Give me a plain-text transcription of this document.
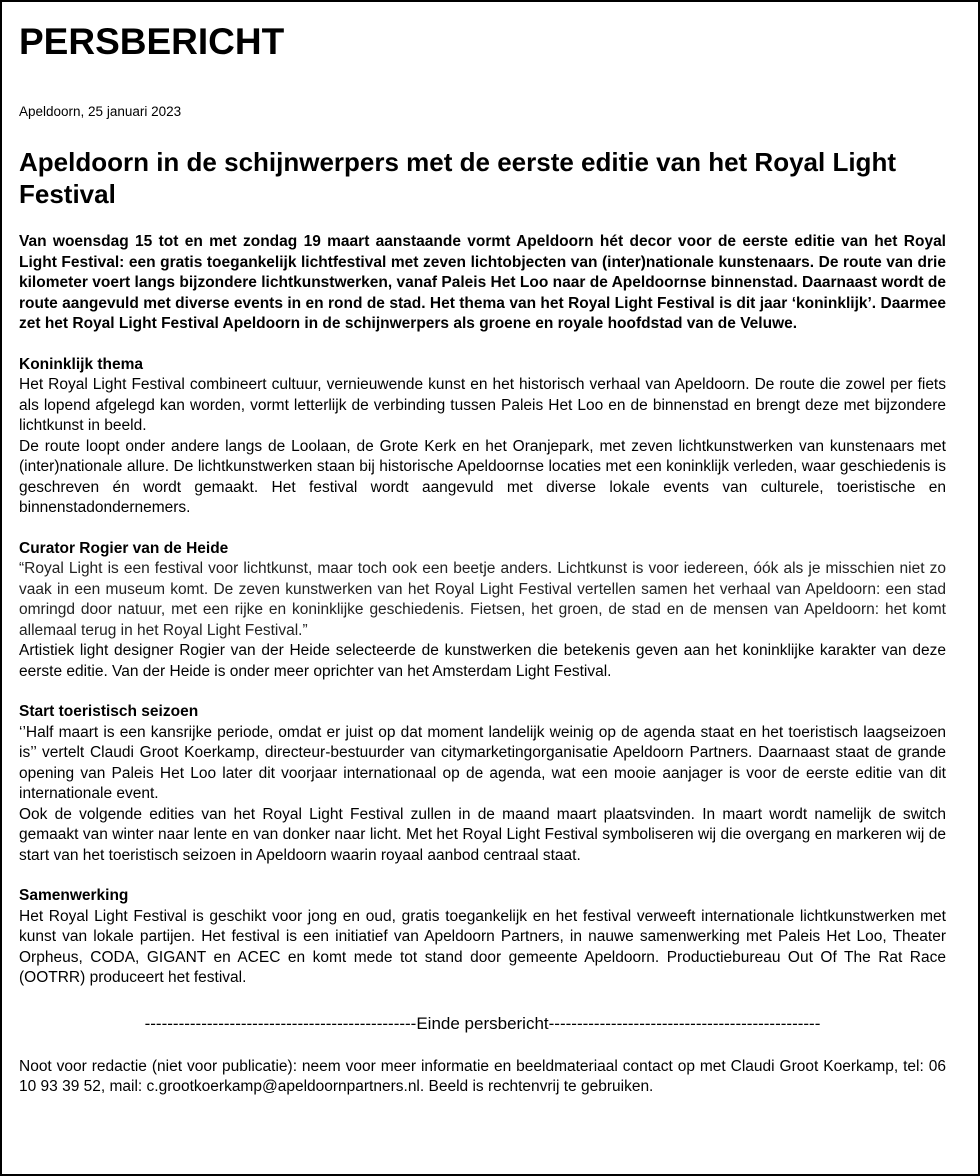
PERSBERICHT
Apeldoorn, 25 januari 2023
Apeldoorn in de schijnwerpers met de eerste editie van het Royal Light Festival

Van woensdag 15 tot en met zondag 19 maart aanstaande vormt Apeldoorn hét decor voor de eerste editie van het Royal Light Festival: een gratis toegankelijk lichtfestival met zeven lichtobjecten van (inter)nationale kunstenaars. De route van drie kilometer voert langs bijzondere lichtkunstwerken, vanaf Paleis Het Loo naar de Apeldoornse binnenstad. Daarnaast wordt de route aangevuld met diverse events in en rond de stad. Het thema van het Royal Light Festival is dit jaar ‘koninklijk’. Daarmee zet het Royal Light Festival Apeldoorn in de schijnwerpers als groene en royale hoofdstad van de Veluwe.

Koninklijk thema

Het Royal Light Festival combineert cultuur, vernieuwende kunst en het historisch verhaal van Apeldoorn. De route die zowel per fiets als lopend afgelegd kan worden, vormt letterlijk de verbinding tussen Paleis Het Loo en de binnenstad en brengt deze met bijzondere lichtkunst in beeld.

De route loopt onder andere langs de Loolaan, de Grote Kerk en het Oranjepark, met zeven lichtkunstwerken van kunstenaars met (inter)nationale allure. De lichtkunstwerken staan bij historische Apeldoornse locaties met een koninklijk verleden, waar geschiedenis is geschreven én wordt gemaakt. Het festival wordt aangevuld met diverse lokale events van culturele, toeristische en binnenstadondernemers.

Curator Rogier van de Heide

“Royal Light is een festival voor lichtkunst, maar toch ook een beetje anders. Lichtkunst is voor iedereen, óók als je misschien niet zo vaak in een museum komt. De zeven kunstwerken van het Royal Light Festival vertellen samen het verhaal van Apeldoorn: een stad omringd door natuur, met een rijke en koninklijke geschiedenis. Fietsen, het groen, de stad en de mensen van Apeldoorn: het komt allemaal terug in het Royal Light Festival.”

Artistiek light designer Rogier van der Heide selecteerde de kunstwerken die betekenis geven aan het koninklijke karakter van deze eerste editie. Van der Heide is onder meer oprichter van het Amsterdam Light Festival.

Start toeristisch seizoen

‘’Half maart is een kansrijke periode, omdat er juist op dat moment landelijk weinig op de agenda staat en het toeristisch laagseizoen is’’ vertelt Claudi Groot Koerkamp, directeur-bestuurder van citymarketingorganisatie Apeldoorn Partners. Daarnaast staat de grande opening van Paleis Het Loo later dit voorjaar internationaal op de agenda, wat een mooie aanjager is voor de eerste editie van dit internationale event.

Ook de volgende edities van het Royal Light Festival zullen in de maand maart plaatsvinden. In maart wordt namelijk de switch gemaakt van winter naar lente en van donker naar licht. Met het Royal Light Festival symboliseren wij die overgang en markeren wij de start van het toeristisch seizoen in Apeldoorn waarin royaal aanbod centraal staat.

Samenwerking

Het Royal Light Festival is geschikt voor jong en oud, gratis toegankelijk en het festival verweeft internationale lichtkunstwerken met kunst van lokale partijen. Het festival is een initiatief van Apeldoorn Partners, in nauwe samenwerking met Paleis Het Loo, Theater Orpheus, CODA, GIGANT en ACEC en komt mede tot stand door gemeente Apeldoorn. Productiebureau Out Of The Rat Race (OOTRR) produceert het festival.

------------------------------------------------Einde persbericht------------------------------------------------

Noot voor redactie (niet voor publicatie): neem voor meer informatie en beeldmateriaal contact op met Claudi Groot Koerkamp, tel: 06 10 93 39 52, mail: c.grootkoerkamp@apeldoornpartners.nl. Beeld is rechtenvrij te gebruiken.
